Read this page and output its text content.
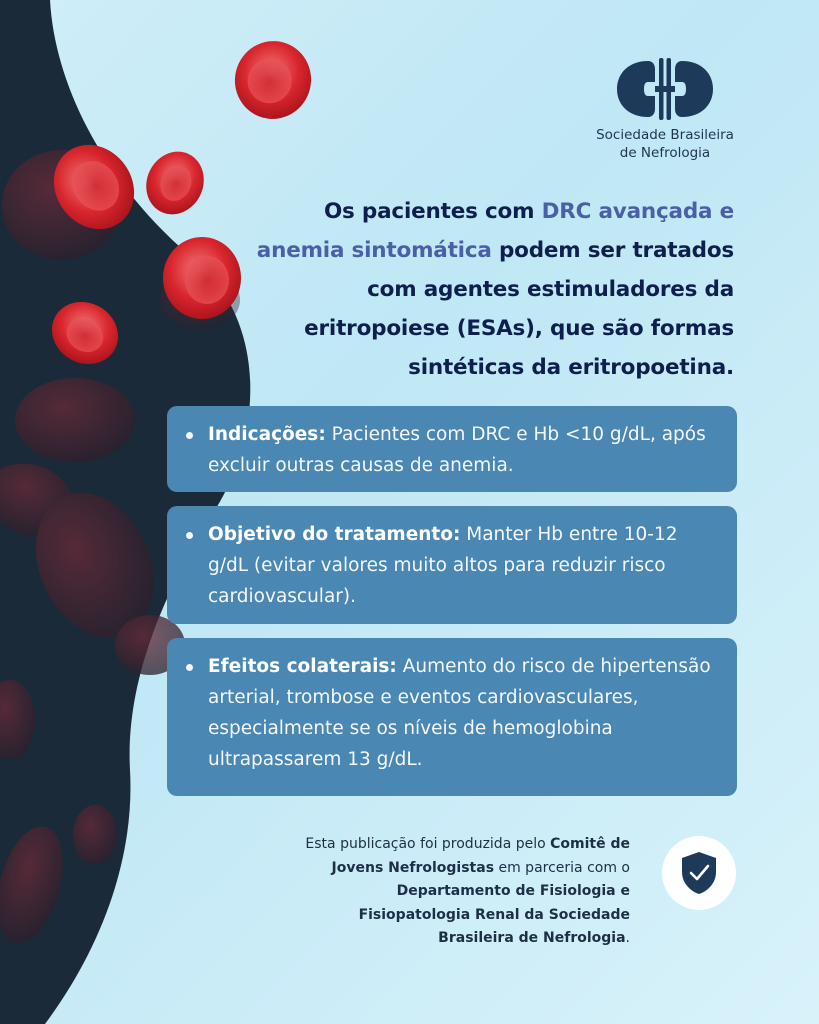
Sociedade Brasileira
de Nefrologia
Os pacientes com DRC avançada e anemia sintomática podem ser tratados com agentes estimuladores da eritropoiese (ESAs), que são formas sintéticas da eritropoetina.
Indicações: Pacientes com DRC e Hb <10 g/dL, após excluir outras causas de anemia.
Objetivo do tratamento: Manter Hb entre 10-12 g/dL (evitar valores muito altos para reduzir risco cardiovascular).
Efeitos colaterais: Aumento do risco de hipertensão arterial, trombose e eventos cardiovasculares, especialmente se os níveis de hemoglobina ultrapassarem 13 g/dL.
Esta publicação foi produzida pelo Comitê de Jovens Nefrologistas em parceria com o Departamento de Fisiologia e Fisiopatologia Renal da Sociedade Brasileira de Nefrologia.
